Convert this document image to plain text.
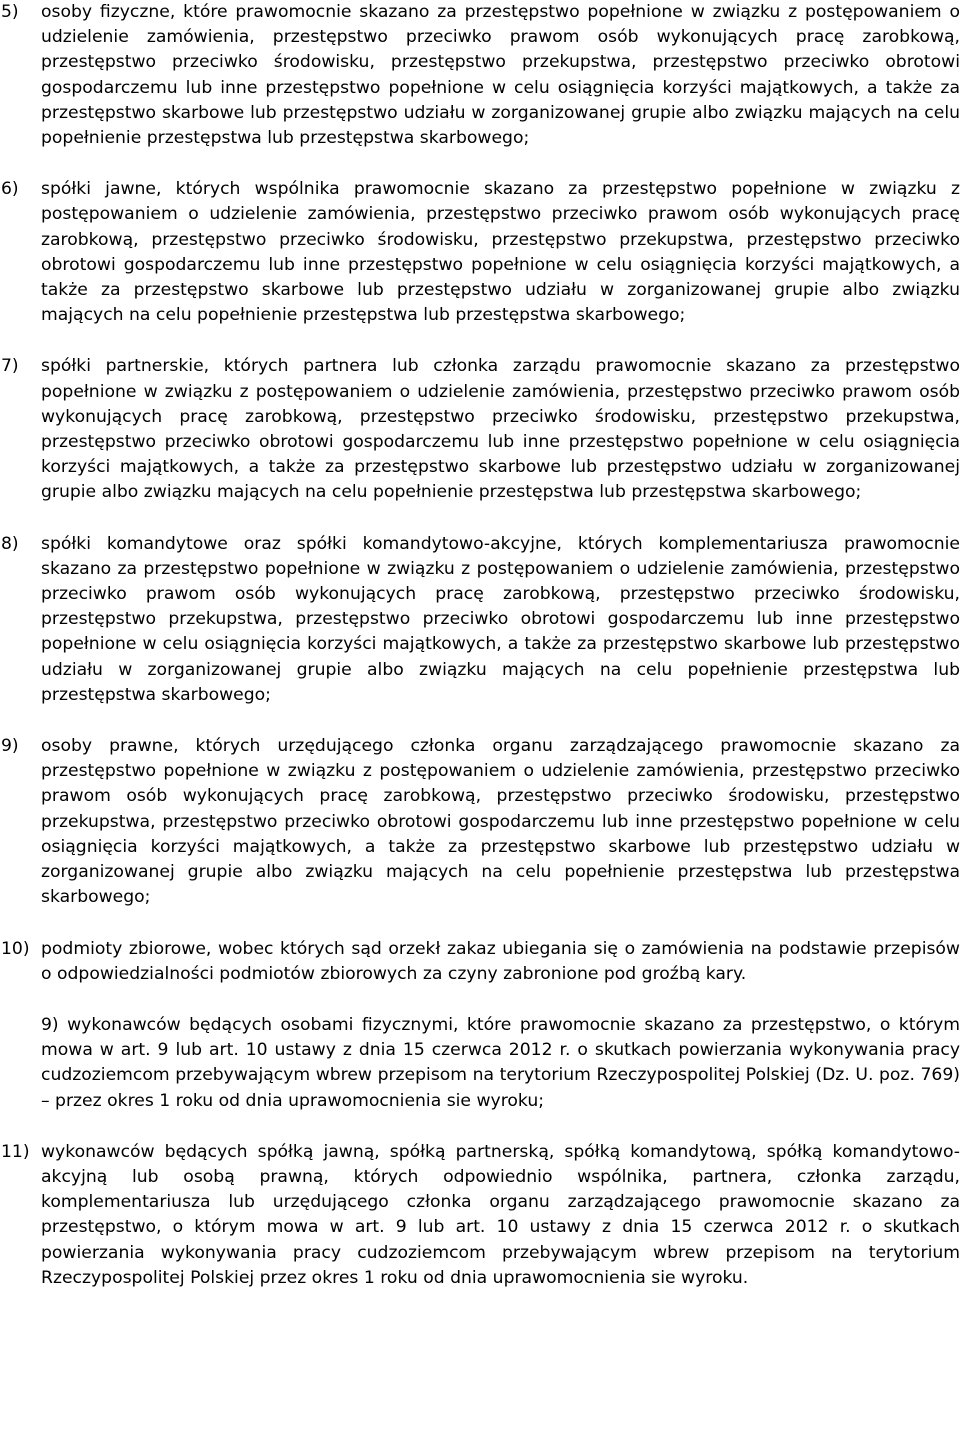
5) osoby fizyczne, które prawomocnie skazano za przestępstwo popełnione w związku z postępowaniem o udzielenie zamówienia, przestępstwo przeciwko prawom osób wykonujących pracę zarobkową, przestępstwo przeciwko środowisku, przestępstwo przekupstwa, przestępstwo przeciwko obrotowi gospodarczemu lub inne przestępstwo popełnione w celu osiągnięcia korzyści majątkowych, a także za przestępstwo skarbowe lub przestępstwo udziału w zorganizowanej grupie albo związku mających na celu popełnienie przestępstwa lub przestępstwa skarbowego;
6) spółki jawne, których wspólnika prawomocnie skazano za przestępstwo popełnione w związku z postępowaniem o udzielenie zamówienia, przestępstwo przeciwko prawom osób wykonujących pracę zarobkową, przestępstwo przeciwko środowisku, przestępstwo przekupstwa, przestępstwo przeciwko obrotowi gospodarczemu lub inne przestępstwo popełnione w celu osiągnięcia korzyści majątkowych, a także za przestępstwo skarbowe lub przestępstwo udziału w zorganizowanej grupie albo związku mających na celu popełnienie przestępstwa lub przestępstwa skarbowego;
7) spółki partnerskie, których partnera lub członka zarządu prawomocnie skazano za przestępstwo popełnione w związku z postępowaniem o udzielenie zamówienia, przestępstwo przeciwko prawom osób wykonujących pracę zarobkową, przestępstwo przeciwko środowisku, przestępstwo przekupstwa, przestępstwo przeciwko obrotowi gospodarczemu lub inne przestępstwo popełnione w celu osiągnięcia korzyści majątkowych, a także za przestępstwo skarbowe lub przestępstwo udziału w zorganizowanej grupie albo związku mających na celu popełnienie przestępstwa lub przestępstwa skarbowego;
8) spółki komandytowe oraz spółki komandytowo-akcyjne, których komplementariusza prawomocnie skazano za przestępstwo popełnione w związku z postępowaniem o udzielenie zamówienia, przestępstwo przeciwko prawom osób wykonujących pracę zarobkową, przestępstwo przeciwko środowisku, przestępstwo przekupstwa, przestępstwo przeciwko obrotowi gospodarczemu lub inne przestępstwo popełnione w celu osiągnięcia korzyści majątkowych, a także za przestępstwo skarbowe lub przestępstwo udziału w zorganizowanej grupie albo związku mających na celu popełnienie przestępstwa lub przestępstwa skarbowego;
9) osoby prawne, których urzędującego członka organu zarządzającego prawomocnie skazano za przestępstwo popełnione w związku z postępowaniem o udzielenie zamówienia, przestępstwo przeciwko prawom osób wykonujących pracę zarobkową, przestępstwo przeciwko środowisku, przestępstwo przekupstwa, przestępstwo przeciwko obrotowi gospodarczemu lub inne przestępstwo popełnione w celu osiągnięcia korzyści majątkowych, a także za przestępstwo skarbowe lub przestępstwo udziału w zorganizowanej grupie albo związku mających na celu popełnienie przestępstwa lub przestępstwa skarbowego;
10) podmioty zbiorowe, wobec których sąd orzekł zakaz ubiegania się o zamówienia na podstawie przepisów o odpowiedzialności podmiotów zbiorowych za czyny zabronione pod groźbą kary.
9) wykonawców będących osobami fizycznymi, które prawomocnie skazano za przestępstwo, o którym mowa w art. 9 lub art. 10 ustawy z dnia 15 czerwca 2012 r. o skutkach powierzania wykonywania pracy cudzoziemcom przebywającym wbrew przepisom na terytorium Rzeczypospolitej Polskiej (Dz. U. poz. 769) – przez okres 1 roku od dnia uprawomocnienia sie wyroku;
11) wykonawców będących spółką jawną, spółką partnerską, spółką komandytową, spółką komandytowo-akcyjną lub osobą prawną, których odpowiednio wspólnika, partnera, członka zarządu, komplementariusza lub urzędującego członka organu zarządzającego prawomocnie skazano za przestępstwo, o którym mowa w art. 9 lub art. 10 ustawy z dnia 15 czerwca 2012 r. o skutkach powierzania wykonywania pracy cudzoziemcom przebywającym wbrew przepisom na terytorium Rzeczypospolitej Polskiej przez okres 1 roku od dnia uprawomocnienia sie wyroku.
